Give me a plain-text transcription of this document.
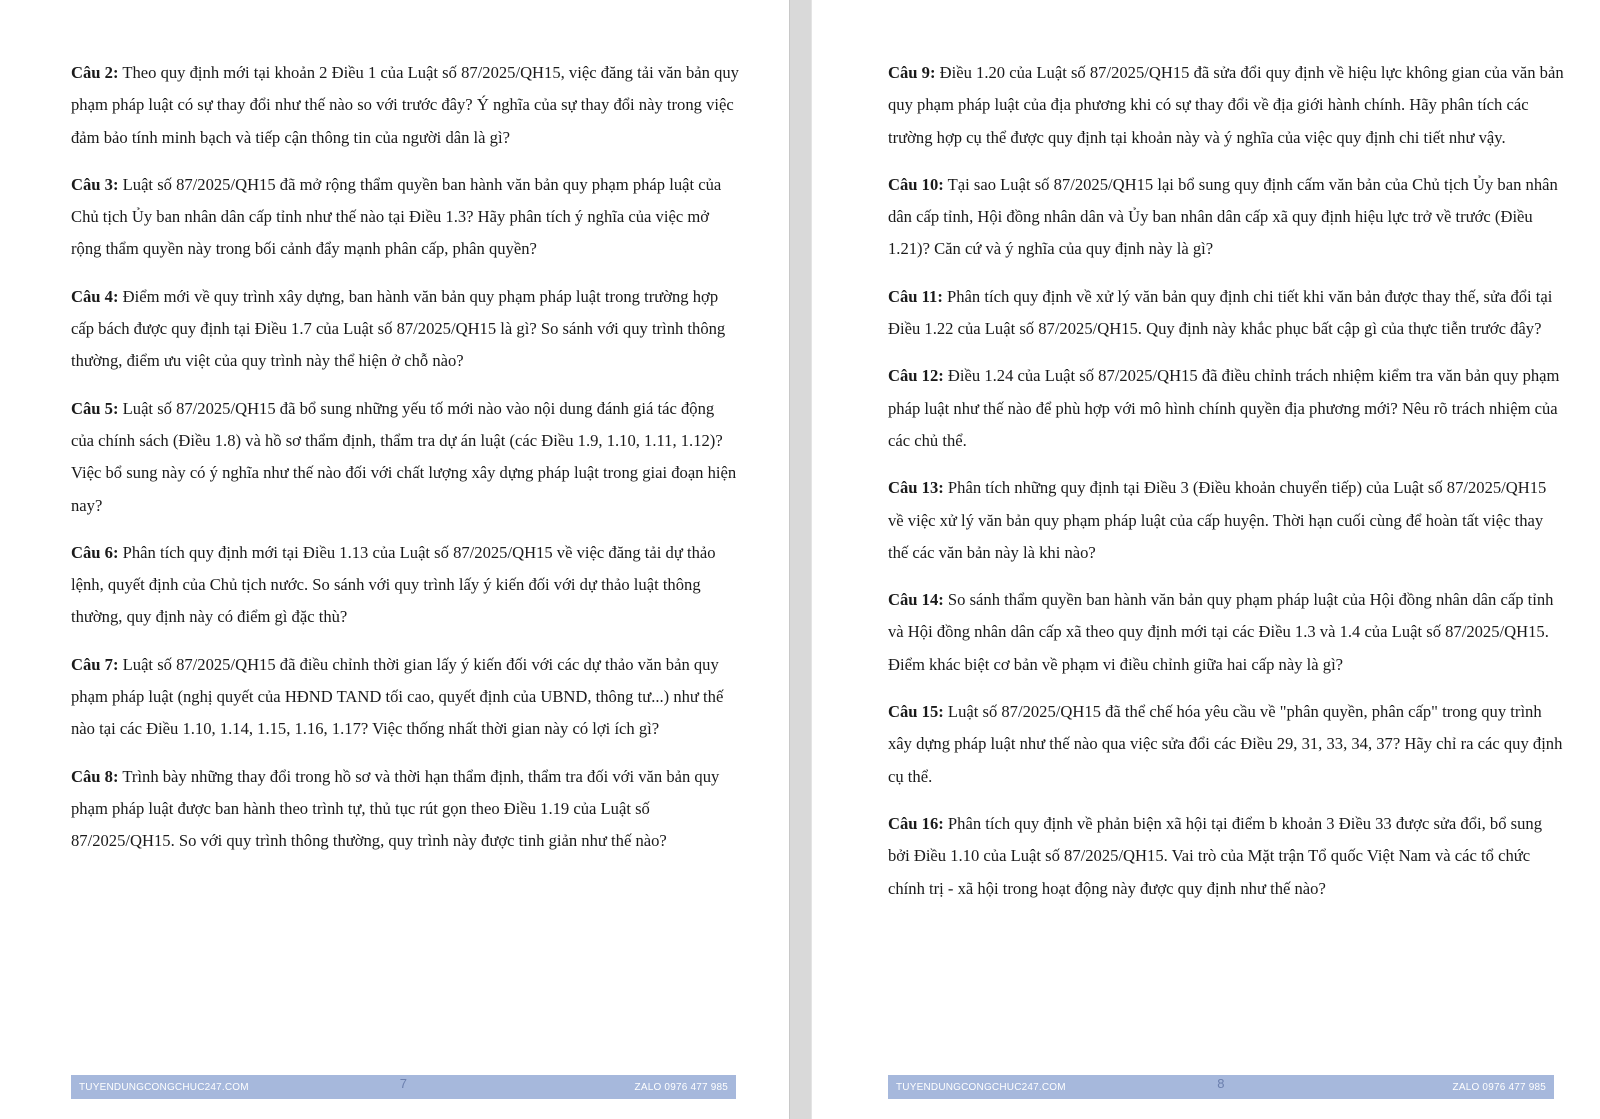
Câu 2: Theo quy định mới tại khoản 2 Điều 1 của Luật số 87/2025/QH15, việc đăng tải văn bản quy phạm pháp luật có sự thay đổi như thế nào so với trước đây? Ý nghĩa của sự thay đổi này trong việc đảm bảo tính minh bạch và tiếp cận thông tin của người dân là gì?

Câu 3: Luật số 87/2025/QH15 đã mở rộng thẩm quyền ban hành văn bản quy phạm pháp luật của Chủ tịch Ủy ban nhân dân cấp tỉnh như thế nào tại Điều 1.3? Hãy phân tích ý nghĩa của việc mở rộng thẩm quyền này trong bối cảnh đẩy mạnh phân cấp, phân quyền?

Câu 4: Điểm mới về quy trình xây dựng, ban hành văn bản quy phạm pháp luật trong trường hợp cấp bách được quy định tại Điều 1.7 của Luật số 87/2025/QH15 là gì? So sánh với quy trình thông thường, điểm ưu việt của quy trình này thể hiện ở chỗ nào?

Câu 5: Luật số 87/2025/QH15 đã bổ sung những yếu tố mới nào vào nội dung đánh giá tác động của chính sách (Điều 1.8) và hồ sơ thẩm định, thẩm tra dự án luật (các Điều 1.9, 1.10, 1.11, 1.12)? Việc bổ sung này có ý nghĩa như thế nào đối với chất lượng xây dựng pháp luật trong giai đoạn hiện nay?

Câu 6: Phân tích quy định mới tại Điều 1.13 của Luật số 87/2025/QH15 về việc đăng tải dự thảo lệnh, quyết định của Chủ tịch nước. So sánh với quy trình lấy ý kiến đối với dự thảo luật thông thường, quy định này có điểm gì đặc thù?

Câu 7: Luật số 87/2025/QH15 đã điều chỉnh thời gian lấy ý kiến đối với các dự thảo văn bản quy phạm pháp luật (nghị quyết của HĐND TAND tối cao, quyết định của UBND, thông tư...) như thế nào tại các Điều 1.10, 1.14, 1.15, 1.16, 1.17? Việc thống nhất thời gian này có lợi ích gì?

Câu 8: Trình bày những thay đổi trong hồ sơ và thời hạn thẩm định, thẩm tra đối với văn bản quy phạm pháp luật được ban hành theo trình tự, thủ tục rút gọn theo Điều 1.19 của Luật số 87/2025/QH15. So với quy trình thông thường, quy trình này được tinh giản như thế nào?

TUYENDUNGCONGCHUC247.COM	7	ZALO 0976 477 985

Câu 9: Điều 1.20 của Luật số 87/2025/QH15 đã sửa đổi quy định về hiệu lực không gian của văn bản quy phạm pháp luật của địa phương khi có sự thay đổi về địa giới hành chính. Hãy phân tích các trường hợp cụ thể được quy định tại khoản này và ý nghĩa của việc quy định chi tiết như vậy.

Câu 10: Tại sao Luật số 87/2025/QH15 lại bổ sung quy định cấm văn bản của Chủ tịch Ủy ban nhân dân cấp tỉnh, Hội đồng nhân dân và Ủy ban nhân dân cấp xã quy định hiệu lực trở về trước (Điều 1.21)? Căn cứ và ý nghĩa của quy định này là gì?

Câu 11: Phân tích quy định về xử lý văn bản quy định chi tiết khi văn bản được thay thế, sửa đổi tại Điều 1.22 của Luật số 87/2025/QH15. Quy định này khắc phục bất cập gì của thực tiễn trước đây?

Câu 12: Điều 1.24 của Luật số 87/2025/QH15 đã điều chỉnh trách nhiệm kiểm tra văn bản quy phạm pháp luật như thế nào để phù hợp với mô hình chính quyền địa phương mới? Nêu rõ trách nhiệm của các chủ thể.

Câu 13: Phân tích những quy định tại Điều 3 (Điều khoản chuyển tiếp) của Luật số 87/2025/QH15 về việc xử lý văn bản quy phạm pháp luật của cấp huyện. Thời hạn cuối cùng để hoàn tất việc thay thế các văn bản này là khi nào?

Câu 14: So sánh thẩm quyền ban hành văn bản quy phạm pháp luật của Hội đồng nhân dân cấp tỉnh và Hội đồng nhân dân cấp xã theo quy định mới tại các Điều 1.3 và 1.4 của Luật số 87/2025/QH15. Điểm khác biệt cơ bản về phạm vi điều chỉnh giữa hai cấp này là gì?

Câu 15: Luật số 87/2025/QH15 đã thể chế hóa yêu cầu về "phân quyền, phân cấp" trong quy trình xây dựng pháp luật như thế nào qua việc sửa đổi các Điều 29, 31, 33, 34, 37? Hãy chỉ ra các quy định cụ thể.

Câu 16: Phân tích quy định về phản biện xã hội tại điểm b khoản 3 Điều 33 được sửa đổi, bổ sung bởi Điều 1.10 của Luật số 87/2025/QH15. Vai trò của Mặt trận Tổ quốc Việt Nam và các tổ chức chính trị - xã hội trong hoạt động này được quy định như thế nào?

TUYENDUNGCONGCHUC247.COM	8	ZALO 0976 477 985
